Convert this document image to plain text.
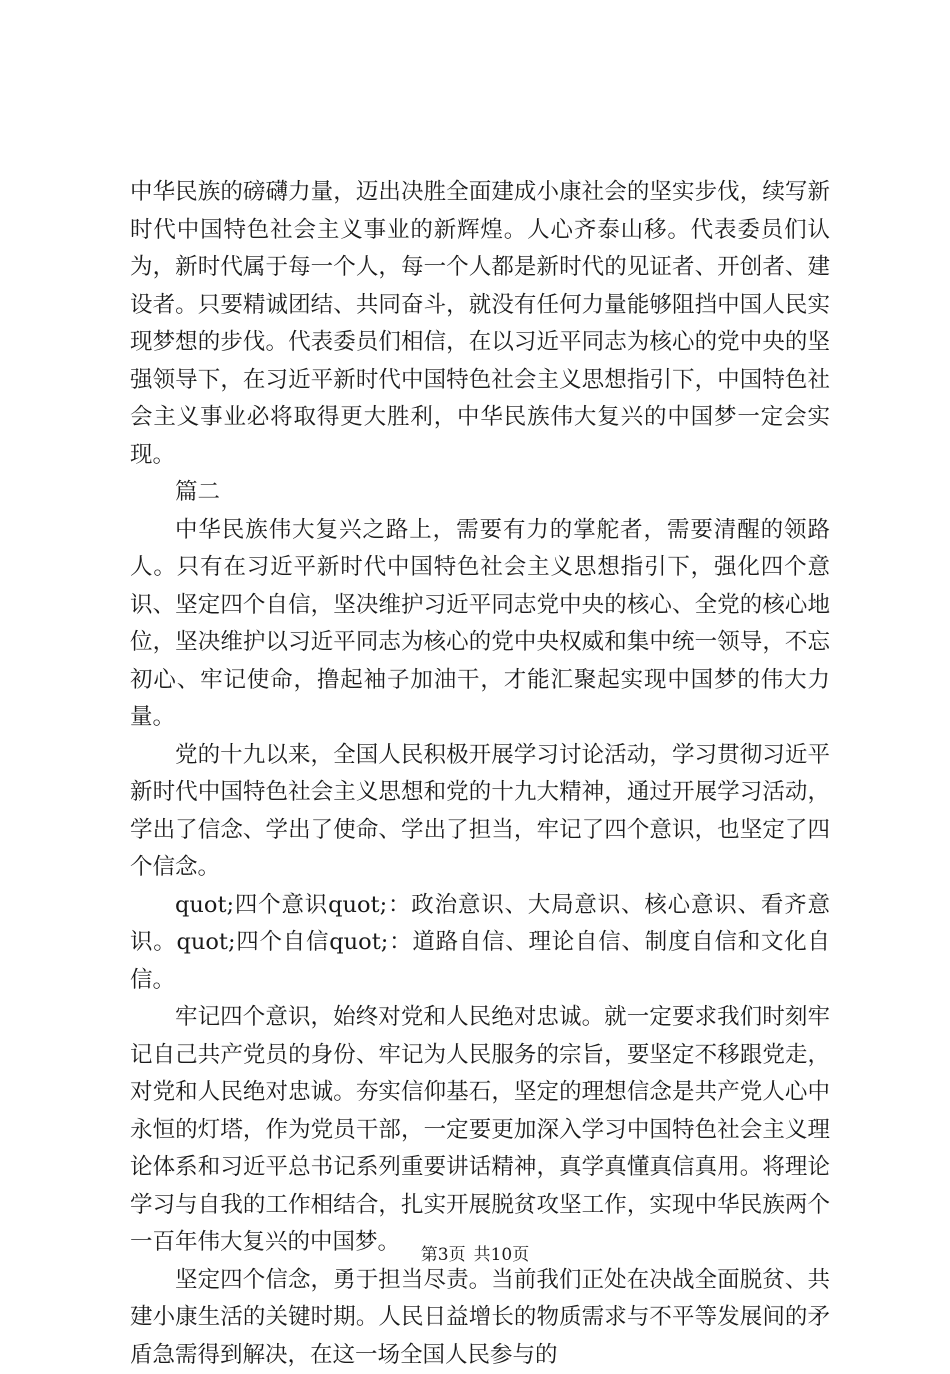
中华民族的磅礴力量，迈出决胜全面建成小康社会的坚实步伐，续写新时代中国特色社会主义事业的新辉煌。人心齐泰山移。代表委员们认为，新时代属于每一个人，每一个人都是新时代的见证者、开创者、建设者。只要精诚团结、共同奋斗，就没有任何力量能够阻挡中国人民实现梦想的步伐。代表委员们相信，在以习近平同志为核心的党中央的坚强领导下，在习近平新时代中国特色社会主义思想指引下，中国特色社会主义事业必将取得更大胜利，中华民族伟大复兴的中国梦一定会实现。

篇二

中华民族伟大复兴之路上，需要有力的掌舵者，需要清醒的领路人。只有在习近平新时代中国特色社会主义思想指引下，强化四个意识、坚定四个自信，坚决维护习近平同志党中央的核心、全党的核心地位，坚决维护以习近平同志为核心的党中央权威和集中统一领导，不忘初心、牢记使命，撸起袖子加油干，才能汇聚起实现中国梦的伟大力量。

党的十九以来，全国人民积极开展学习讨论活动，学习贯彻习近平新时代中国特色社会主义思想和党的十九大精神，通过开展学习活动，学出了信念、学出了使命、学出了担当，牢记了四个意识，也坚定了四个信念。

quot;四个意识quot;：政治意识、大局意识、核心意识、看齐意识。quot;四个自信quot;：道路自信、理论自信、制度自信和文化自信。

牢记四个意识，始终对党和人民绝对忠诚。就一定要求我们时刻牢记自己共产党员的身份、牢记为人民服务的宗旨，要坚定不移跟党走，对党和人民绝对忠诚。夯实信仰基石，坚定的理想信念是共产党人心中永恒的灯塔，作为党员干部，一定要更加深入学习中国特色社会主义理论体系和习近平总书记系列重要讲话精神，真学真懂真信真用。将理论学习与自我的工作相结合，扎实开展脱贫攻坚工作，实现中华民族两个一百年伟大复兴的中国梦。

坚定四个信念，勇于担当尽责。当前我们正处在决战全面脱贫、共建小康生活的关键时期。人民日益增长的物质需求与不平等发展间的矛盾急需得到解决，在这一场全国人民参与的

第3页 共10页
